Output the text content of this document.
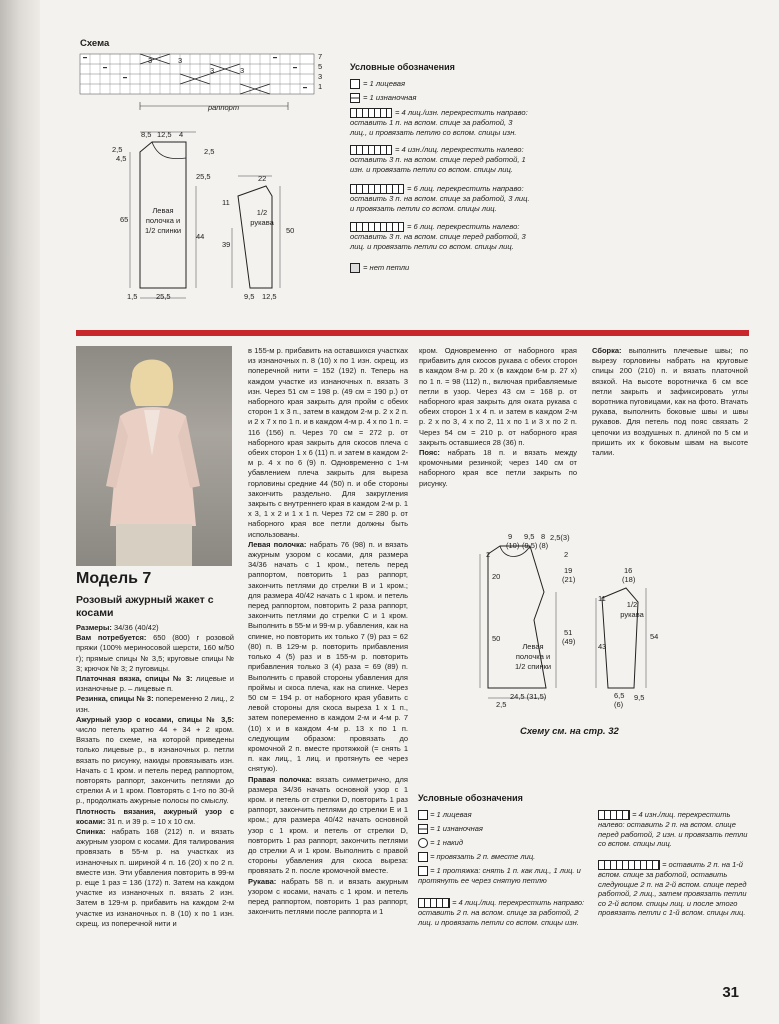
Схема
3	3
3	3
7
5
3
1
раппорт
Условные обозначения
= 1 лицевая
= 1 изнаночная
= 4 лиц./изн. перекрестить направо: оставить 1 п. на вспом. спице за работой, 3 лиц., и провязать петлю со вспом. спицы изн.
= 4 изн./лиц. перекрестить налево: оставить 3 п. на вспом. спице перед работой, 1 изн. и провязать петли со вспом. спицы лиц.
= 6 лиц. перекрестить направо: оставить 3 п. на вспом. спице за работой, 3 лиц. и провязать петли со вспом. спицы лиц.
= 6 лиц. перекрестить налево: оставить 3 п. на вспом. спице перед работой, 3 лиц. и провязать петли со вспом. спицы лиц.
= нет петли
8,5 12,5 4
2,5
4,5
65
2,5
25,5
44
Левая полочка и 1/2 спинки
1,5 25,5
22
11
39
50
1/2 рукава
9,5 12,5
Модель 7
Розовый ажурный жакет с косами

Размеры: 34/36 (40/42)

Вам потребуется: 650 (800) г розовой пряжи (100% мериносовой шерсти, 160 м/50 г); прямые спицы № 3,5; круговые спицы № 3; крючок № 3; 2 пуговицы.

Платочная вязка, спицы № 3: лицевые и изнаночные р. – лицевые п.

Резинка, спицы № 3: попеременно 2 лиц., 2 изн.

Ажурный узор с косами, спицы № 3,5: число петель кратно 44 + 34 + 2 кром. Вязать по схеме, на которой приведены только лицевые р., в изнаночных р. петли вязать по рисунку, накиды провязывать изн. Начать с 1 кром. и петель перед раппортом, повторять раппорт, закончить петлями до стрелки А и 1 кром. Повторять с 1-го по 30-й р., продолжать ажурные полосы по смыслу.

Плотность вязания, ажурный узор с косами: 31 п. и 39 р. = 10 х 10 см.

Спинка: набрать 168 (212) п. и вязать ажурным узором с косами. Для талирования провязать в 55-м р. на участках из изнаночных п. шириной 4 п. 16 (20) х по 2 п. вместе изн. Эти убавления повторить в 99-м р. еще 1 раз = 136 (172) п. Затем на каждом участке из изнаночных п. вязать 2 изн. Затем в 129-м р. прибавить на каждом 2-м участке из изнаночных п. 8 (10) х по 1 изн. скрещ. из поперечной нити и

в 155-м р. прибавить на оставшихся участках из изнаночных п. 8 (10) х по 1 изн. скрещ. из поперечной нити = 152 (192) п. Теперь на каждом участке из изнаночных п. вязать 3 изн. Через 51 см = 198 р. (49 см = 190 р.) от наборного края закрыть для пройм с обеих сторон 1 х 3 п., затем в каждом 2-м р. 2 х 2 п. и 2 х 7 х по 1 п. и в каждом 4-м р. 4 х по 1 п. = 116 (156) п. Через 70 см = 272 р. от наборного края закрыть для скосов плеча с обеих сторон 1 х 6 (11) п. и затем в каждом 2-м р. 4 х по 6 (9) п. Одновременно с 1-м убавлением плеча закрыть для выреза горловины средние 44 (50) п. и обе стороны закончить раздельно. Для закругления закрыть с внутреннего края в каждом 2-м р. 1 х 3, 1 х 2 и 1 х 1 п. Через 72 см = 280 р. от наборного края все петли должны быть использованы.

Левая полочка: набрать 76 (98) п. и вязать ажурным узором с косами, для размера 34/36 начать с 1 кром., петель перед раппортом, повторить 1 раз раппорт, закончить петлями до стрелки В и 1 кром.; для размера 40/42 начать с 1 кром. и петель перед раппортом, повторить 2 раза раппорт, закончить петлями до стрелки С и 1 кром. Выполнить в 55-м и 99-м р. убавления, как на спинке, но повторить их только 7 (9) раз = 62 (80) п. В 129-м р. повторить прибавления только 4 (5) раз и в 155-м р. повторить прибавления только 3 (4) раза = 69 (89) п. Выполнить с правой стороны убавления для проймы и скоса плеча, как на спинке. Через 50 см = 194 р. от наборного края убавить с левой стороны для скоса выреза 1 х 1 п., затем попеременно в каждом 2-м и 4-м р. 7 (10) х и в каждом 4-м р. 13 х по 1 п. следующим образом: провязать до кромочной 2 п. вместе протяжкой (= снять 1 п. как лиц., 1 лиц. и протянуть ее через снятую).

Правая полочка: вязать симметрично, для размера 34/36 начать основной узор с 1 кром. и петель от стрелки D, повторить 1 раз раппорт, закончить петлями до стрелки Е и 1 кром.; для размера 40/42 начать основной узор с 1 кром. и петель от стрелки D, повторить 1 раз раппорт, закончить петлями до стрелки А и 1 кром. Выполнить с правой стороны убавления для скоса выреза: провязать 2 п. после кромочной вместе.

Рукава: набрать 58 п. и вязать ажурным узором с косами, начать с 1 кром. и петель перед раппортом, повторить 1 раз раппорт, закончить петлями после раппорта и 1

кром. Одновременно от наборного края прибавить для скосов рукава с обеих сторон в каждом 8-м р. 20 х (в каждом 6-м р. 27 х) по 1 п. = 98 (112) п., включая прибавляемые петли в узор. Через 43 см = 168 р. от наборного края закрыть для оката рукава с обеих сторон 1 х 4 п. и затем в каждом 2-м р. 2 х по 3, 4 х по 2, 11 х по 1 и 3 х по 2 п. Через 54 см = 210 р. от наборного края закрыть оставшиеся 28 (36) п.

Пояс: набрать 18 п. и вязать между кромочными резинкой; через 140 см от наборного края все петли закрыть по рисунку.

Сборка: выполнить плечевые швы; по вырезу горловины набрать на круговые спицы 200 (210) п. и вязать платочной вязкой. На высоте воротничка 6 см все петли закрыть и зафиксировать углы воротника пуговицами, как на фото. Втачать рукава, выполнить боковые швы и швы рукавов. Для петель под пояс связать 2 цепочки из воздушных п. длиной по 5 см и пришить их к боковым швам на высоте талии.

9 9,5 8
(10) (9,5) (8)
2,5(3)
2
20
50
2,5
2
19
(21)
51
(49)
Левая полочка и 1/2 спинки
24,5 (31,5)
16
(18)
11
43
54
1/2 рукава
6,5
(6)
9,5
Схему см. на стр. 32
Условные обозначения
= 1 лицевая
= 1 изнаночная
= 1 накид
= провязать 2 п. вместе лиц.
= 1 протяжка: снять 1 п. как лиц., 1 лиц. и протянуть ее через снятую петлю
= 4 лиц./лиц. перекрестить направо: оставить 2 п. на вспом. спице за работой, 2 лиц. и провязать петли со вспом. спицы изн.
= 4 изн./лиц. перекрестить налево: оставить 2 п. на вспом. спице перед работой, 2 изн. и провязать петли со вспом. спицы лиц.
= оставить 2 п. на 1-й вспом. спице за работой, оставить следующие 2 п. на 2-й вспом. спице перед работой, 2 лиц., затем провязать петли со 2-й вспом. спицы лиц. и после этого провязать петли с 1-й вспом. спицы лиц.
31
